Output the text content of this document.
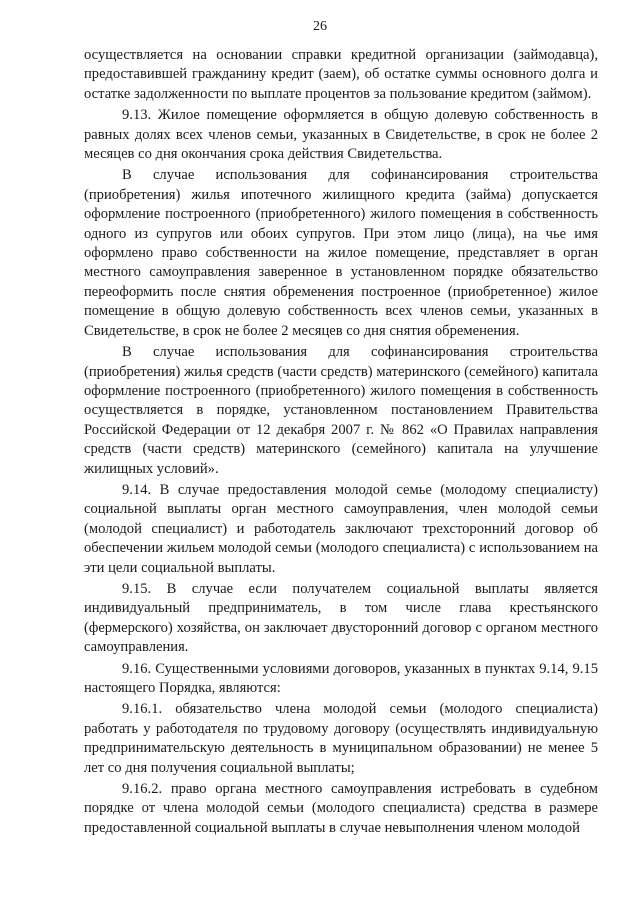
26

осуществляется на основании справки кредитной организации (займодавца), предоставившей гражданину кредит (заем), об остатке суммы основного долга и остатке задолженности по выплате процентов за пользование кредитом (займом).

9.13. Жилое помещение оформляется в общую долевую собственность в равных долях всех членов семьи, указанных в Свидетельстве, в срок не более 2 месяцев со дня окончания срока действия Свидетельства.

В случае использования для софинансирования строительства (приобретения) жилья ипотечного жилищного кредита (займа) допускается оформление построенного (приобретенного) жилого помещения в собственность одного из супругов или обоих супругов. При этом лицо (лица), на чье имя оформлено право собственности на жилое помещение, представляет в орган местного самоуправления заверенное в установленном порядке обязательство переоформить после снятия обременения построенное (приобретенное) жилое помещение в общую долевую собственность всех членов семьи, указанных в Свидетельстве, в срок не более 2 месяцев со дня снятия обременения.

В случае использования для софинансирования строительства (приобретения) жилья средств (части средств) материнского (семейного) капитала оформление построенного (приобретенного) жилого помещения в собственность осуществляется в порядке, установленном постановлением Правительства Российской Федерации от 12 декабря 2007 г. № 862 «О Правилах направления средств (части средств) материнского (семейного) капитала на улучшение жилищных условий».

9.14. В случае предоставления молодой семье (молодому специалисту) социальной выплаты орган местного самоуправления, член молодой семьи (молодой специалист) и работодатель заключают трехсторонний договор об обеспечении жильем молодой семьи (молодого специалиста) с использованием на эти цели социальной выплаты.

9.15. В случае если получателем социальной выплаты является индивидуальный предприниматель, в том числе глава крестьянского (фермерского) хозяйства, он заключает двусторонний договор с органом местного самоуправления.

9.16. Существенными условиями договоров, указанных в пунктах 9.14, 9.15 настоящего Порядка, являются:

9.16.1. обязательство члена молодой семьи (молодого специалиста) работать у работодателя по трудовому договору (осуществлять индивидуальную предпринимательскую деятельность в муниципальном образовании) не менее 5 лет со дня получения социальной выплаты;

9.16.2. право органа местного самоуправления истребовать в судебном порядке от члена молодой семьи (молодого специалиста) средства в размере предоставленной социальной выплаты в случае невыполнения членом молодой
